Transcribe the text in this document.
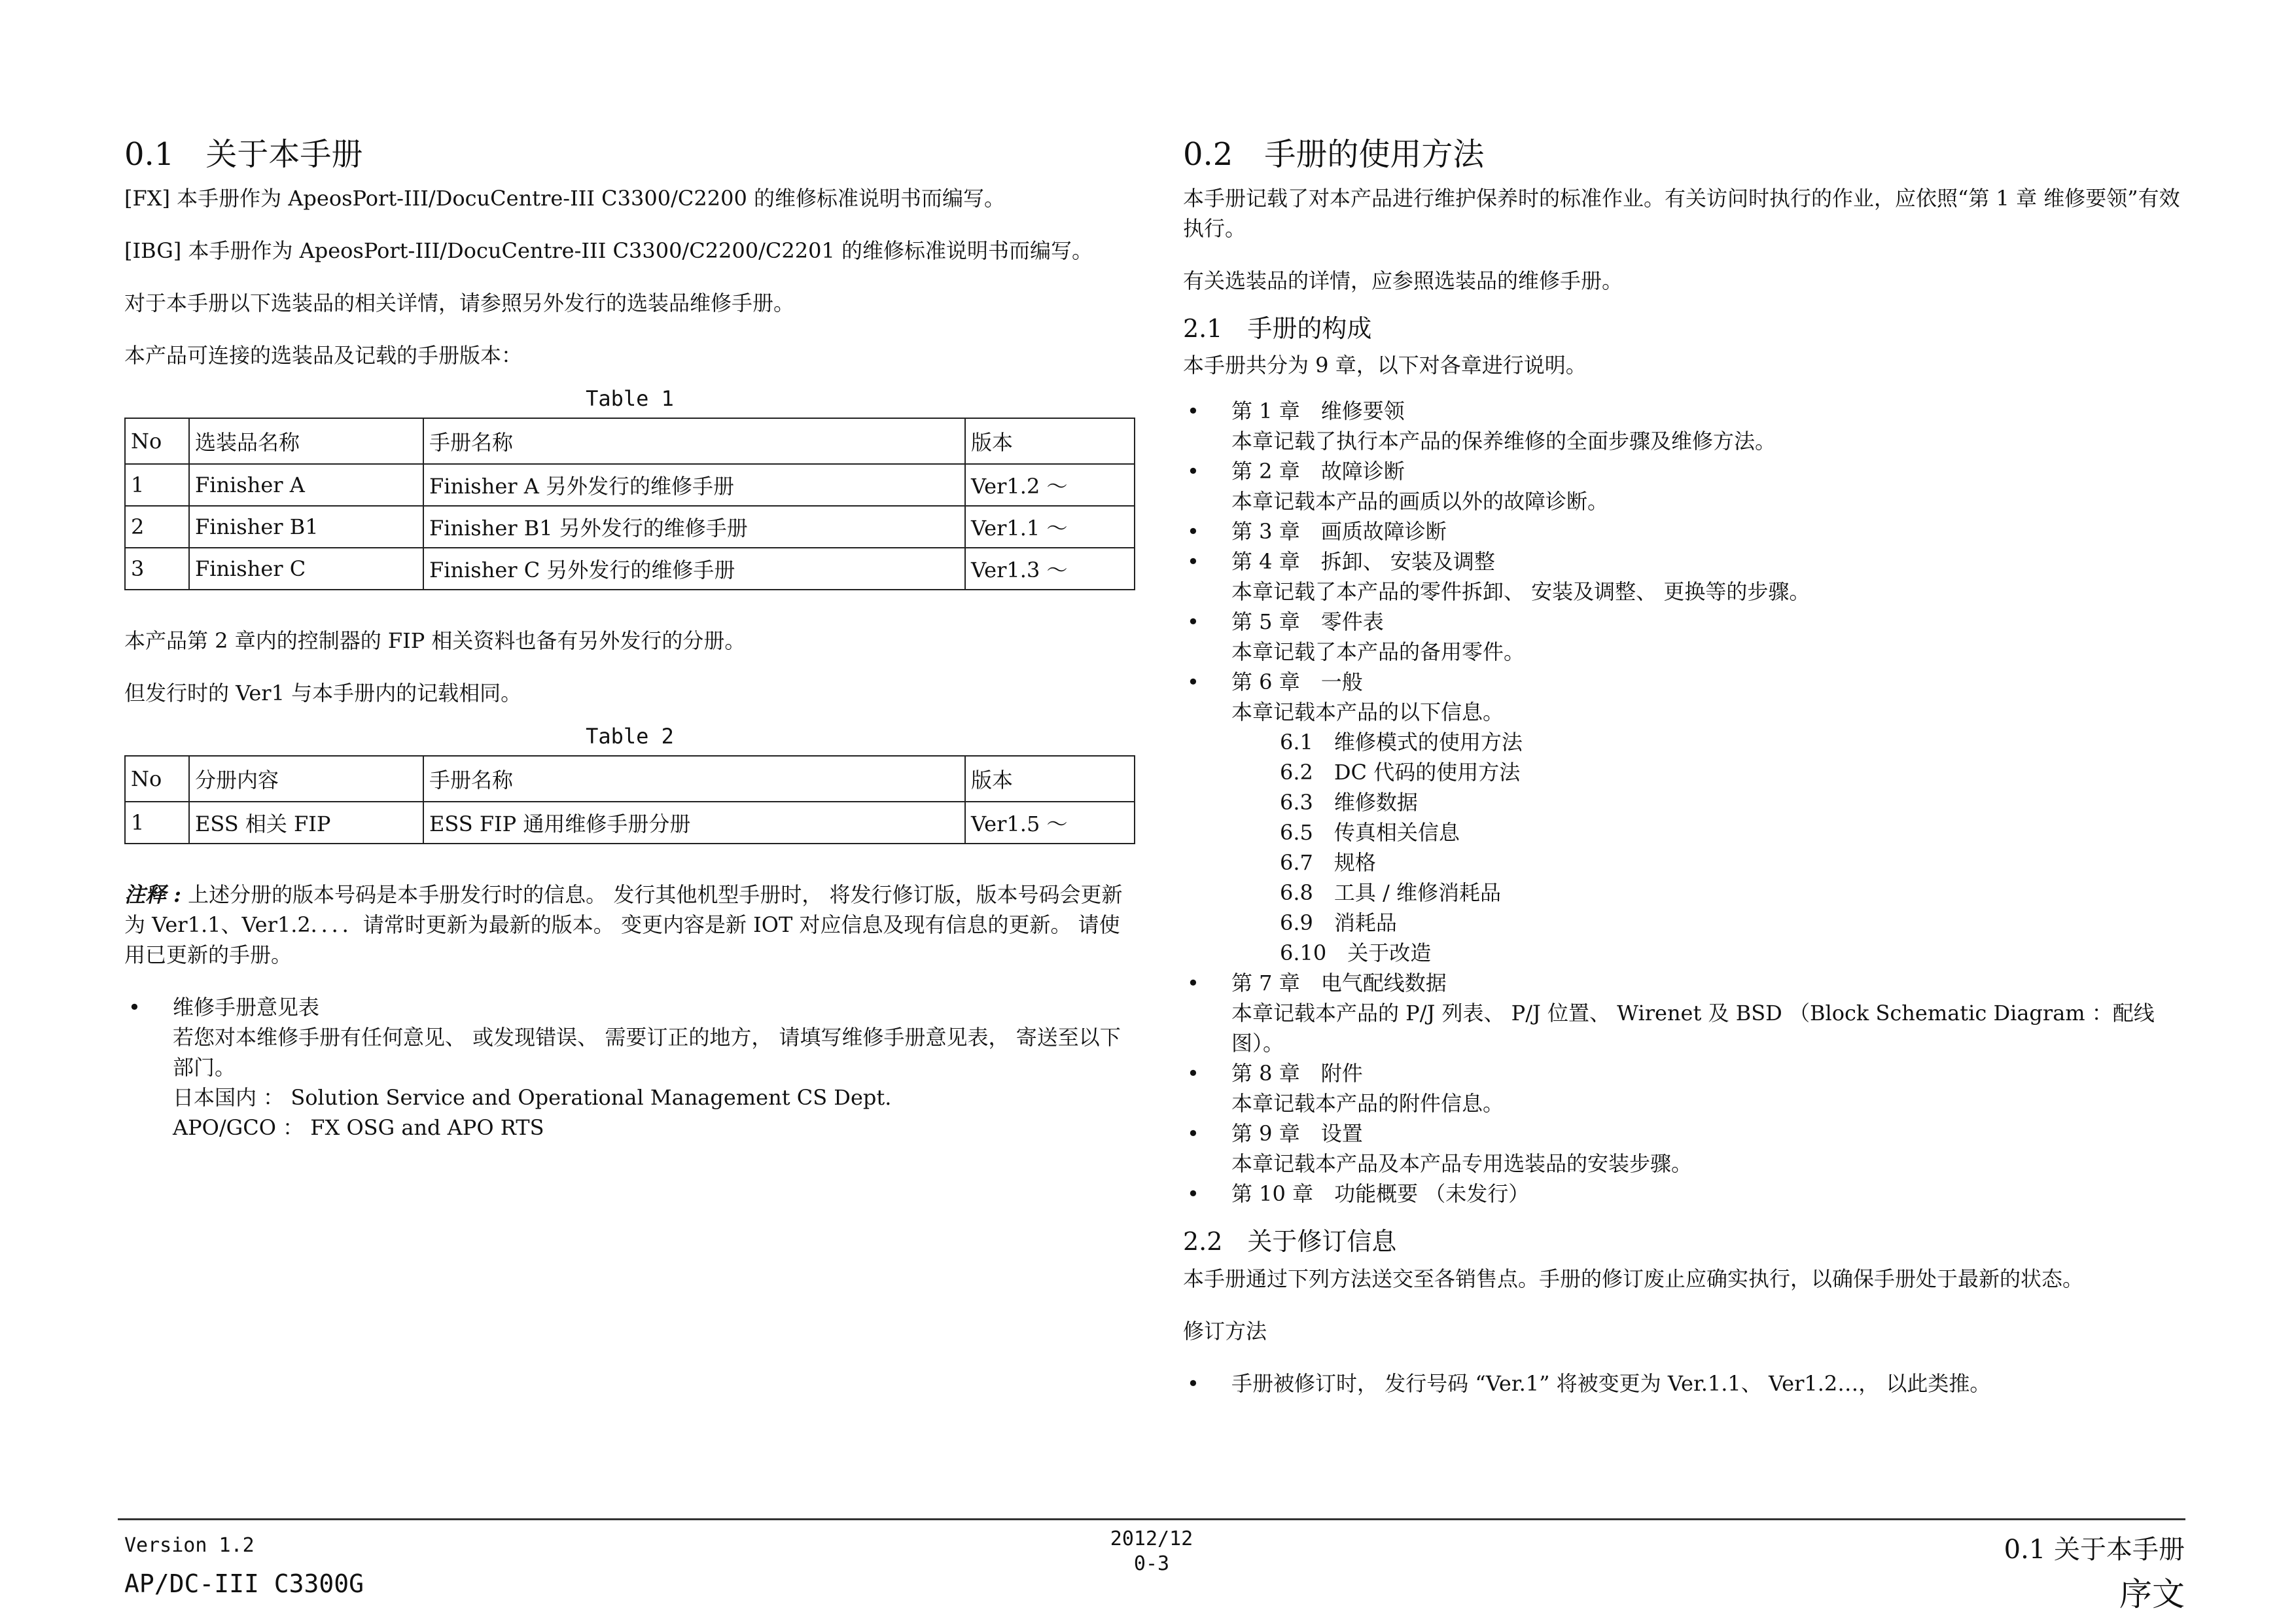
0.1　关于本手册

[FX] 本手册作为 ApeosPort-III/DocuCentre-III C3300/C2200 的维修标准说明书而编写。

[IBG] 本手册作为 ApeosPort-III/DocuCentre-III C3300/C2200/C2201 的维修标准说明书而编写。

对于本手册以下选装品的相关详情，请参照另外发行的选装品维修手册。

本产品可连接的选装品及记载的手册版本：

Table 1
No	选装品名称	手册名称	版本
1	Finisher A	Finisher A 另外发行的维修手册	Ver1.2 ～
2	Finisher B1	Finisher B1 另外发行的维修手册	Ver1.1 ～
3	Finisher C	Finisher C 另外发行的维修手册	Ver1.3 ～

本产品第 2 章内的控制器的 FIP 相关资料也备有另外发行的分册。

但发行时的 Ver1 与本手册内的记载相同。

Table 2
No	分册内容	手册名称	版本
1	ESS 相关 FIP	ESS FIP 通用维修手册分册	Ver1.5 ～

注释 : 上述分册的版本号码是本手册发行时的信息。 发行其他机型手册时， 将发行修订版，版本号码会更新为 Ver1.1、Ver1.2．．．．请常时更新为最新的版本。 变更内容是新 IOT 对应信息及现有信息的更新。 请使用已更新的手册。

• 维修手册意见表
若您对本维修手册有任何意见、 或发现错误、 需要订正的地方， 请填写维修手册意见表， 寄送至以下部门。
日本国内 ： Solution Service and Operational Management CS Dept.
APO/GCO ： FX OSG and APO RTS
0.2　手册的使用方法

本手册记载了对本产品进行维护保养时的标准作业。有关访问时执行的作业，应依照“第 1 章 维修要领”有效执行。

有关选装品的详情，应参照选装品的维修手册。

2.1　手册的构成

本手册共分为 9 章，以下对各章进行说明。

• 第 1 章　维修要领
本章记载了执行本产品的保养维修的全面步骤及维修方法。
• 第 2 章　故障诊断
本章记载本产品的画质以外的故障诊断。
• 第 3 章　画质故障诊断
• 第 4 章　拆卸、 安装及调整
本章记载了本产品的零件拆卸、 安装及调整、 更换等的步骤。
• 第 5 章　零件表
本章记载了本产品的备用零件。
• 第 6 章　一般
本章记载本产品的以下信息。
6.1　维修模式的使用方法
6.2　DC 代码的使用方法
6.3　维修数据
6.5　传真相关信息
6.7　规格
6.8　工具 / 维修消耗品
6.9　消耗品
6.10　关于改造
• 第 7 章　电气配线数据
本章记载本产品的 P/J 列表、 P/J 位置、 Wirenet 及 BSD （Block Schematic Diagram ：配线图）。
• 第 8 章　附件
本章记载本产品的附件信息。
• 第 9 章　设置
本章记载本产品及本产品专用选装品的安装步骤。
• 第 10 章　功能概要 （未发行）
2.2　关于修订信息

本手册通过下列方法送交至各销售点。手册的修订废止应确实执行，以确保手册处于最新的状态。

修订方法

• 手册被修订时， 发行号码 “Ver.1” 将被变更为 Ver.1.1、 Ver1.2…， 以此类推。
Version 1.2
AP/DC-III C3300G
2012/12
0-3	0.1 关于本手册
序文
